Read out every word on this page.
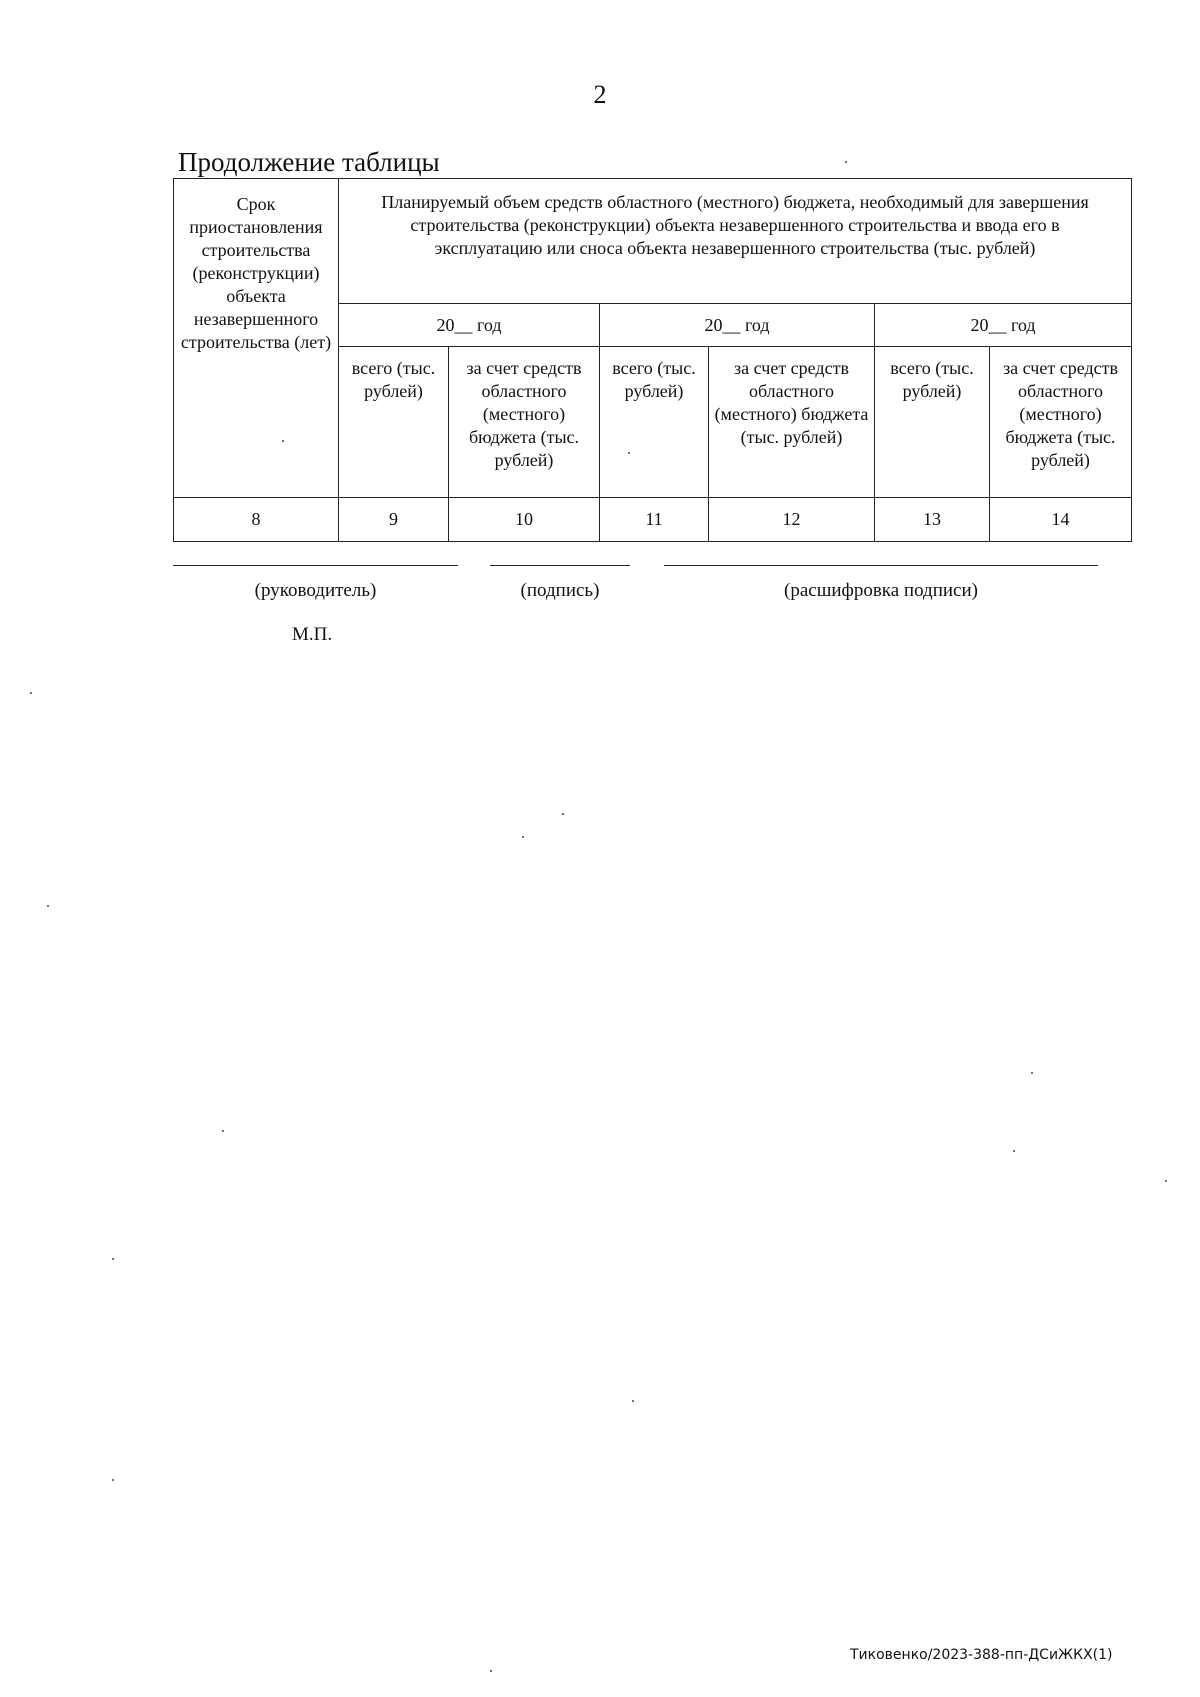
2
Продолжение таблицы
Срок приостановления строительства (реконструкции) объекта незавершенного строительства (лет)	Планируемый объем средств областного (местного) бюджета, необходимый для завершения строительства (реконструкции) объекта незавершенного строительства и ввода его в эксплуатацию или сноса объекта незавершенного строительства (тыс. рублей)					
	20__ год		20__ год		20__ год	
	всего (тыс. рублей)	за счет средств областного (местного) бюджета (тыс. рублей)	всего (тыс. рублей)	за счет средств областного (местного) бюджета (тыс. рублей)	всего (тыс. рублей)	за счет средств областного (местного) бюджета (тыс. рублей)
8	9	10	11	12	13	14
(руководитель)	(подпись)	(расшифровка подписи)
М.П.
Тиковенко/2023-388-пп-ДСиЖКХ(1)
